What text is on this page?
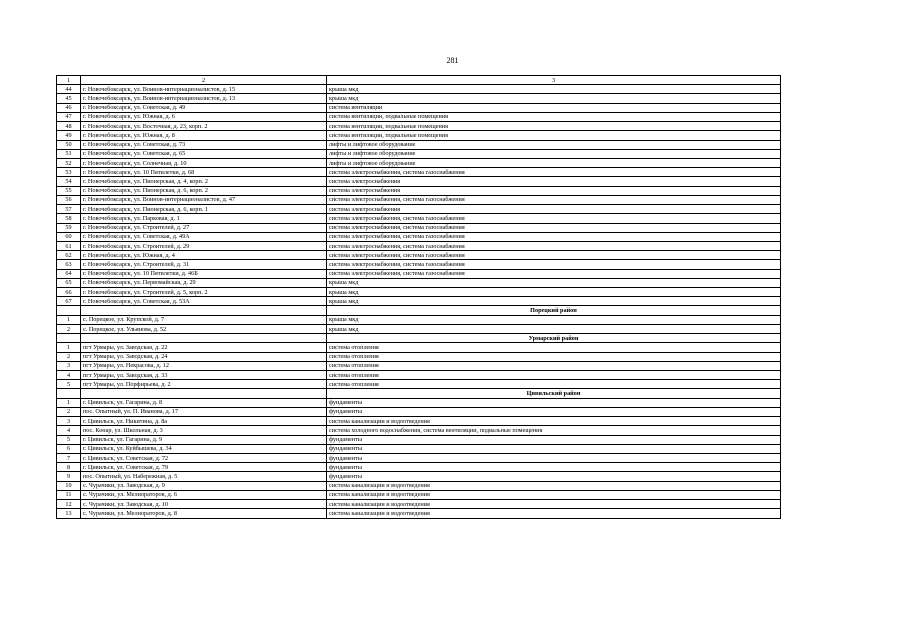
281
1	2	3
44	г. Новочебоксарск, ул. Воинов-интернационалистов, д. 15	крыша мкд
45	г. Новочебоксарск, ул. Воинов-интернационалистов, д. 13	крыша мкд
46	г. Новочебоксарск, ул. Советская, д. 49	система вентиляции
47	г. Новочебоксарск, ул. Южная, д. 6	система вентиляции, подвальные помещения
48	г. Новочебоксарск, ул. Восточная, д. 23, корп. 2	система вентиляции, подвальные помещения
49	г. Новочебоксарск, ул. Южная, д. 8	система вентиляции, подвальные помещения
50	г. Новочебоксарск, ул. Советская, д. 73	лифты и лифтовое оборудование
51	г. Новочебоксарск, ул. Советская, д. 65	лифты и лифтовое оборудование
52	г. Новочебоксарск, ул. Солнечная, д. 10	лифты и лифтовое оборудование
53	г. Новочебоксарск, ул. 10 Пятилетки, д. 68	система электроснабжения, система газоснабжения
54	г. Новочебоксарск, ул. Пионерская, д. 4, корп. 2	система электроснабжения
55	г. Новочебоксарск, ул. Пионерская, д. 6, корп. 2	система электроснабжения
56	г. Новочебоксарск, ул. Воинов-интернационалистов, д. 47	система электроснабжения, система газоснабжения
57	г. Новочебоксарск, ул. Пионерская, д. 6, корп. 1	система электроснабжения
58	г. Новочебоксарск, ул. Парковая, д. 1	система электроснабжения, система газоснабжения
59	г. Новочебоксарск, ул. Строителей, д. 27	система электроснабжения, система газоснабжения
60	г. Новочебоксарск, ул. Советская, д. 49А	система электроснабжения, система газоснабжения
61	г. Новочебоксарск, ул. Строителей, д. 29	система электроснабжения, система газоснабжения
62	г. Новочебоксарск, ул. Южная, д. 4	система электроснабжения, система газоснабжения
63	г. Новочебоксарск, ул. Строителей, д. 31	система электроснабжения, система газоснабжения
64	г. Новочебоксарск, ул. 10 Пятилетки, д. 46Б	система электроснабжения, система газоснабжения
65	г. Новочебоксарск, ул. Первомайская, д. 29	крыша мкд
66	г. Новочебоксарск, ул. Строителей, д. 5, корп. 2	крыша мкд
67	г. Новочебоксарск, ул. Советская, д. 53А	крыша мкд
		Порецкий район
1	с. Порецкое, ул. Крупской, д. 7	крыша мкд
2	с. Порецкое, ул. Ульянова, д. 52	крыша мкд
		Урмарский район
1	пгт Урмары, ул. Заводская, д. 22	система отопления
2	пгт Урмары, ул. Заводская, д. 24	система отопления
3	пгт Урмары, ул. Некрасова, д. 12	система отопления
4	пгт Урмары, ул. Заводская, д. 33	система отопления
5	пгт Урмары, ул. Порфирьева, д. 2	система отопления
		Цивильский район
1	г. Цивильск, ул. Гагарина, д. 8	фундаменты
2	пос. Опытный, ул. П. Иванова, д. 17	фундаменты
3	г. Цивильск, ул. Никитина, д. 8а	система канализации и водоотведения
4	пос. Конар, ул. Школьная, д. 3	система холодного водоснабжения, система вентиляции, подвальные помещения
5	г. Цивильск, ул. Гагарина, д. 9	фундаменты
6	г. Цивильск, ул. Куйбышева, д. 34	фундаменты
7	г. Цивильск, ул. Советская, д. 72	фундаменты
8	г. Цивильск, ул. Советская, д. 79	фундаменты
9	пос. Опытный, ул. Набережная, д. 5	фундаменты
10	с. Чурачики, ул. Заводская, д. 9	система канализации и водоотведения
11	с. Чурачики, ул. Мелиораторов, д. 6	система канализации и водоотведения
12	с. Чурачики, ул. Заводская, д. 10	система канализации и водоотведения
13	с. Чурачики, ул. Мелиораторов, д. 8	система канализации и водоотведения
